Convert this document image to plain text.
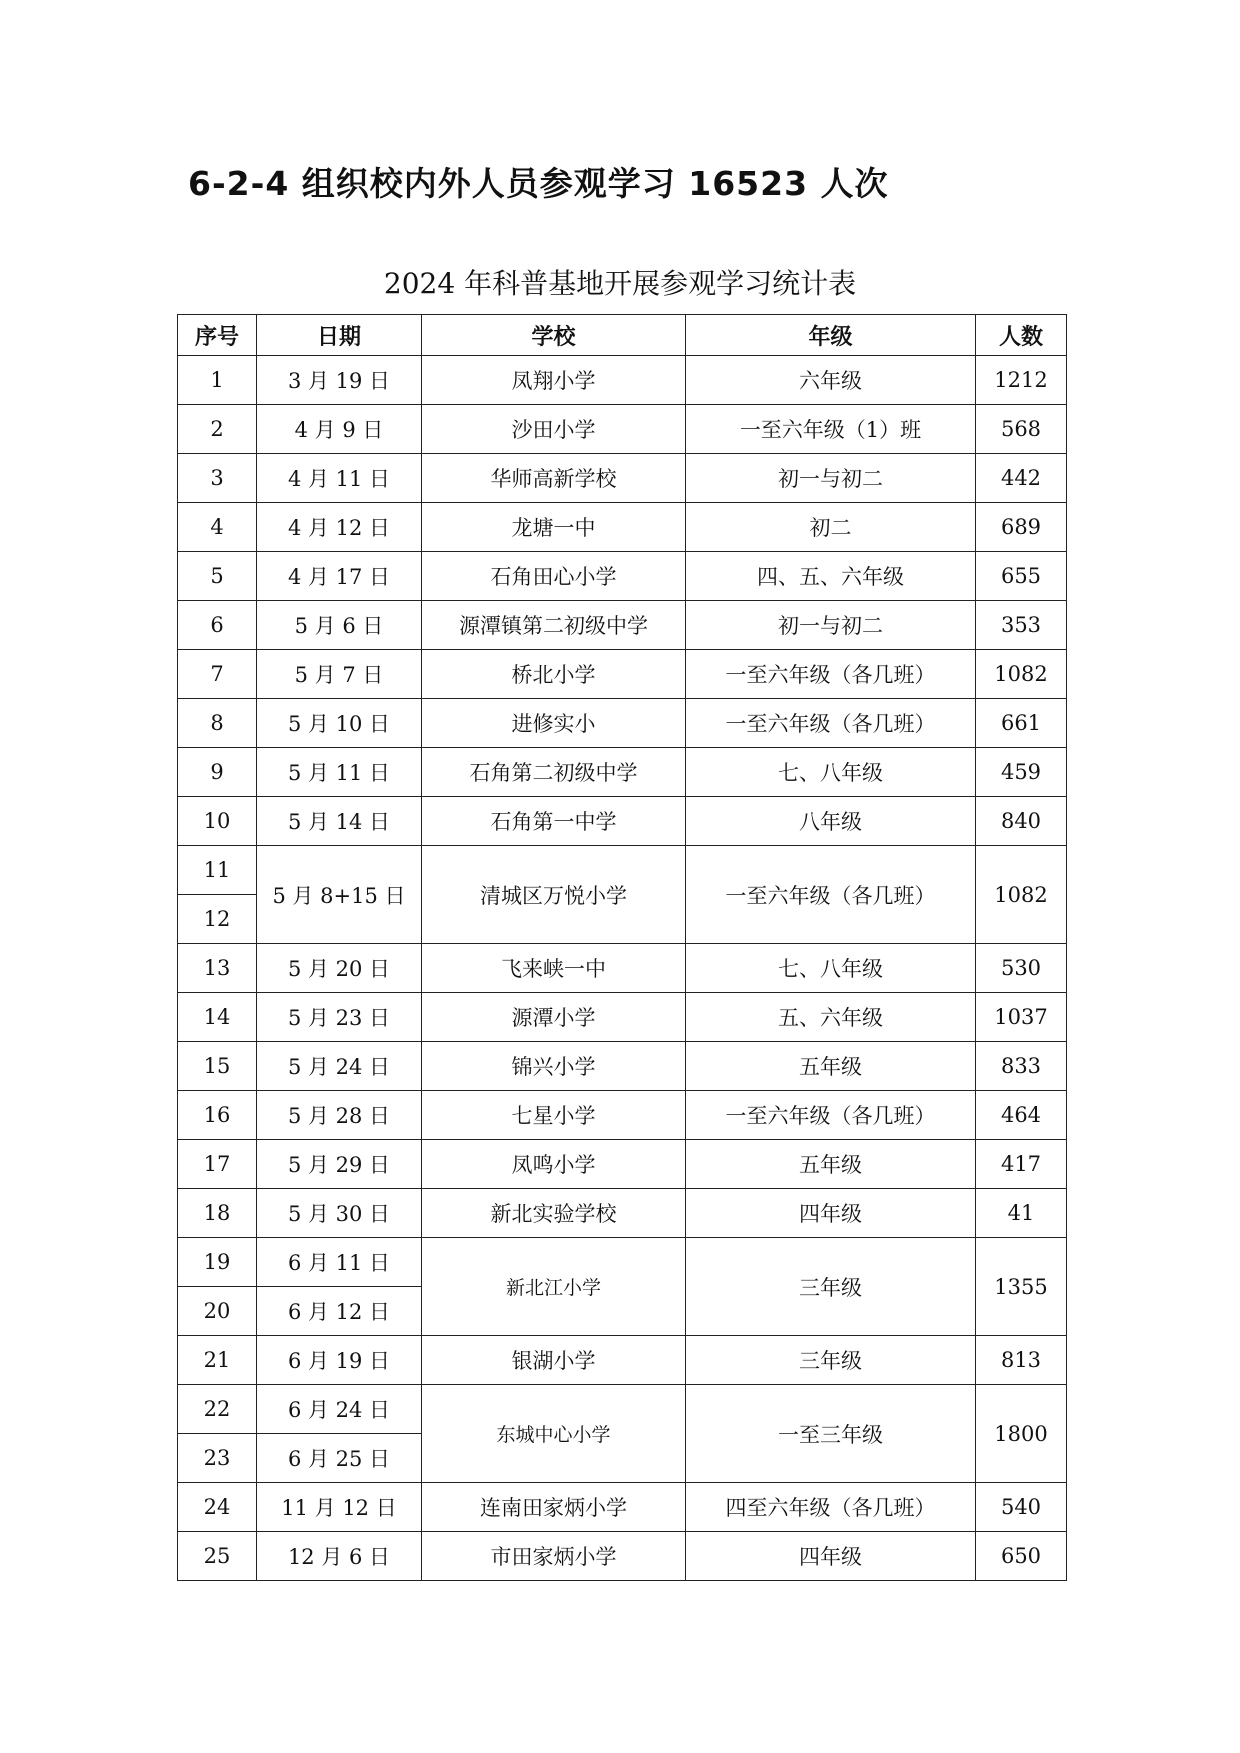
6-2-4 组织校内外人员参观学习 16523 人次
2024 年科普基地开展参观学习统计表
序号	日期	学校	年级	人数
1	3 月 19 日	凤翔小学	六年级	1212
2	4 月 9 日	沙田小学	一至六年级（1）班	568
3	4 月 11 日	华师高新学校	初一与初二	442
4	4 月 12 日	龙塘一中	初二	689
5	4 月 17 日	石角田心小学	四、五、六年级	655
6	5 月 6 日	源潭镇第二初级中学	初一与初二	353
7	5 月 7 日	桥北小学	一至六年级（各几班）	1082
8	5 月 10 日	进修实小	一至六年级（各几班）	661
9	5 月 11 日	石角第二初级中学	七、八年级	459
10	5 月 14 日	石角第一中学	八年级	840
11	5 月 8+15 日	清城区万悦小学	一至六年级（各几班）	1082
12				
13	5 月 20 日	飞来峡一中	七、八年级	530
14	5 月 23 日	源潭小学	五、六年级	1037
15	5 月 24 日	锦兴小学	五年级	833
16	5 月 28 日	七星小学	一至六年级（各几班）	464
17	5 月 29 日	凤鸣小学	五年级	417
18	5 月 30 日	新北实验学校	四年级	41
19	6 月 11 日	新北江小学	三年级	1355
20	6 月 12 日			
21	6 月 19 日	银湖小学	三年级	813
22	6 月 24 日	东城中心小学	一至三年级	1800
23	6 月 25 日			
24	11 月 12 日	连南田家炳小学	四至六年级（各几班）	540
25	12 月 6 日	市田家炳小学	四年级	650
